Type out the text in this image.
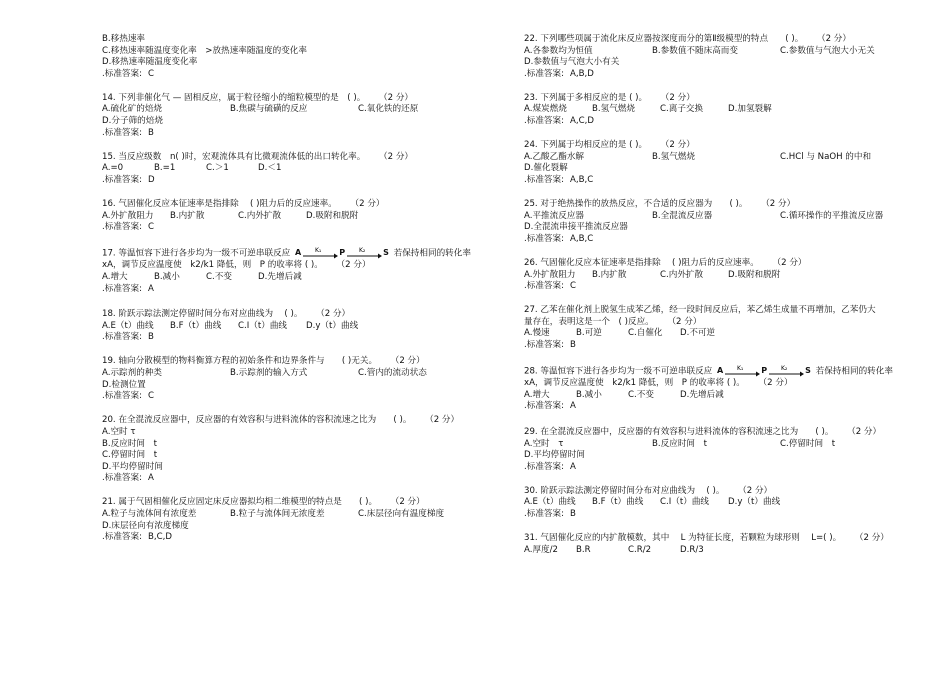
B.移热速率
C.移热速率随温度变化率　>放热速率随温度的变化率
D.移热速率随温度变化率
.标准答案: C
14. 下列非催化气 — 固相反应，属于粒径缩小的缩粒模型的是　( )。 （2 分）
A.硫化矿的焙烧	B.焦碳与硫磺的反应	C.氧化铁的还原
D.分子筛的焙烧
.标准答案: B
15. 当反应级数　n( )时，宏观流体具有比微观流体低的出口转化率。 （2 分）
A.=0	B.=1	C.＞1	D.＜1
.标准答案: D
16. 气固催化反应本征速率是指排除　 ( )阻力后的反应速率。 （2 分）
A.外扩散阻力	B.内扩散	C.内外扩散	D.吸附和脱附
.标准答案: C
17. 等温恒容下进行各步均为一级不可逆串联反应 A K₁ P K₂ S 若保持相同的转化率
xA，调节反应温度使　k2/k1 降低，则　P 的收率将 ( )。 （2 分）
A.增大	B.减小	C.不变	D.先增后减
.标准答案: A
18. 阶跃示踪法测定停留时间分布对应曲线为　 ( )。 （2 分）
A.E（t）曲线	B.F（t）曲线	C.I（t）曲线	D.y（t）曲线
.标准答案: B
19. 轴向分散模型的物料衡算方程的初始条件和边界条件与　　( )无关。 （2 分）
A.示踪剂的种类	B.示踪剂的输入方式	C.管内的流动状态
D.检测位置
.标准答案: C
20. 在全混流反应器中，反应器的有效容积与进料流体的容积流速之比为　　( )。 （2 分）
A.空时 τ
B.反应时间　t
C.停留时间　t
D.平均停留时间
.标准答案: A
21. 属于气固相催化反应固定床反应器拟均相二维模型的特点是　　( )。 （2 分）
A.粒子与流体间有浓度差	B.粒子与流体间无浓度差	C.床层径向有温度梯度
D.床层径向有浓度梯度
.标准答案: B,C,D
22. 下列哪些项属于流化床反应器按深度而分的第Ⅱ级模型的特点　　( )。 （2 分）
A.各参数均为恒值	B.参数值不随床高而变	C.参数值与气泡大小无关
D.参数值与气泡大小有关
.标准答案: A,B,D
23. 下列属于多相反应的是 ( )。 （2 分）
A.煤炭燃烧	B.氢气燃烧	C.离子交换	D.加氢裂解
.标准答案: A,C,D
24. 下列属于均相反应的是 ( )。 （2 分）
A.乙酸乙酯水解	B.氢气燃烧	C.HCl 与 NaOH 的中和
D.催化裂解
.标准答案: A,B,C
25. 对于绝热操作的放热反应，不合适的反应器为　　( )。 （2 分）
A.平推流反应器	B.全混流反应器	C.循环操作的平推流反应器
D.全混流串接平推流反应器
.标准答案: A,B,C
26. 气固催化反应本征速率是指排除　 ( )阻力后的反应速率。 （2 分）
A.外扩散阻力	B.内扩散	C.内外扩散	D.吸附和脱附
.标准答案: C
27. 乙苯在催化剂上脱氢生成苯乙烯，经一段时间反应后，苯乙烯生成量不再增加，乙苯仍大
量存在，表明这是一个　( )反应。 （2 分）
A.慢速	B.可逆	C.自催化	D.不可逆
.标准答案: B
28. 等温恒容下进行各步均为一级不可逆串联反应 A K₁ P K₂ S 若保持相同的转化率
xA，调节反应温度使　k2/k1 降低，则　P 的收率将 ( )。 （2 分）
A.增大	B.减小	C.不变	D.先增后减
.标准答案: A
29. 在全混流反应器中，反应器的有效容积与进料流体的容积流速之比为　　( )。 （2 分）
A.空时　τ	B.反应时间　t	C.停留时间　t
D.平均停留时间
.标准答案: A
30. 阶跃示踪法测定停留时间分布对应曲线为　 ( )。 （2 分）
A.E（t）曲线	B.F（t）曲线	C.I（t）曲线	D.y（t）曲线
.标准答案: B
31. 气固催化反应的内扩散模数，其中　 L 为特征长度，若颗粒为球形则　 L=( )。 （2 分）
A.厚度/2	B.R	C.R/2	D.R/3
